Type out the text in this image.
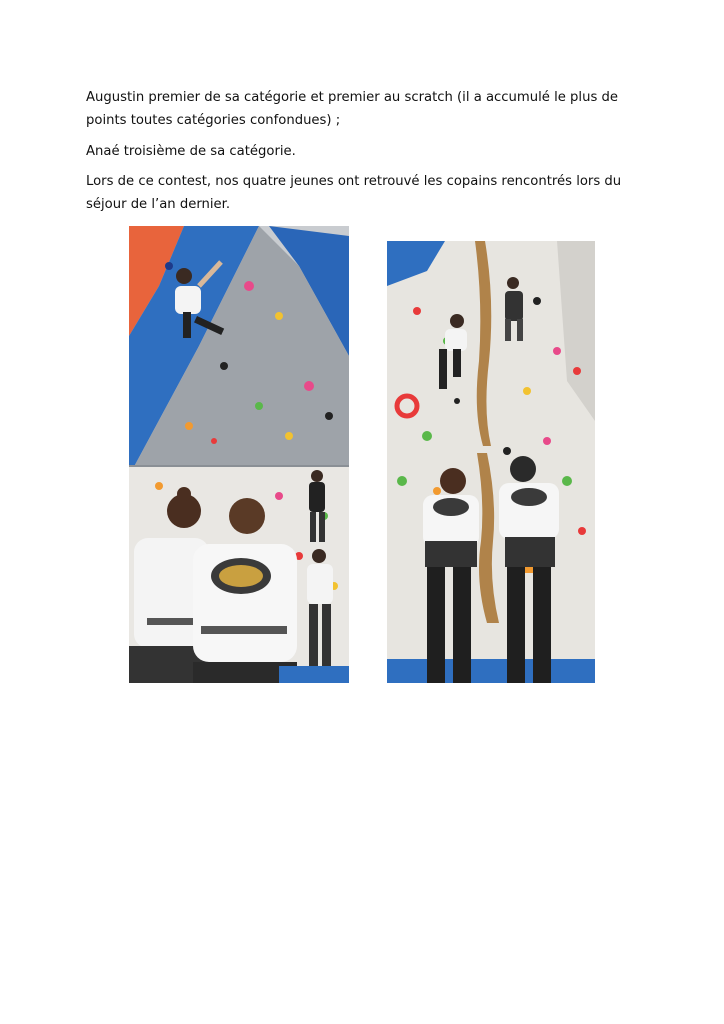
Augustin premier de sa catégorie et premier au scratch (il a accumulé le plus de points toutes catégories confondues) ;

Anaé troisième de sa catégorie.

Lors de ce contest, nos quatre jeunes ont retrouvé les copains rencontrés lors du séjour de l’an dernier.
